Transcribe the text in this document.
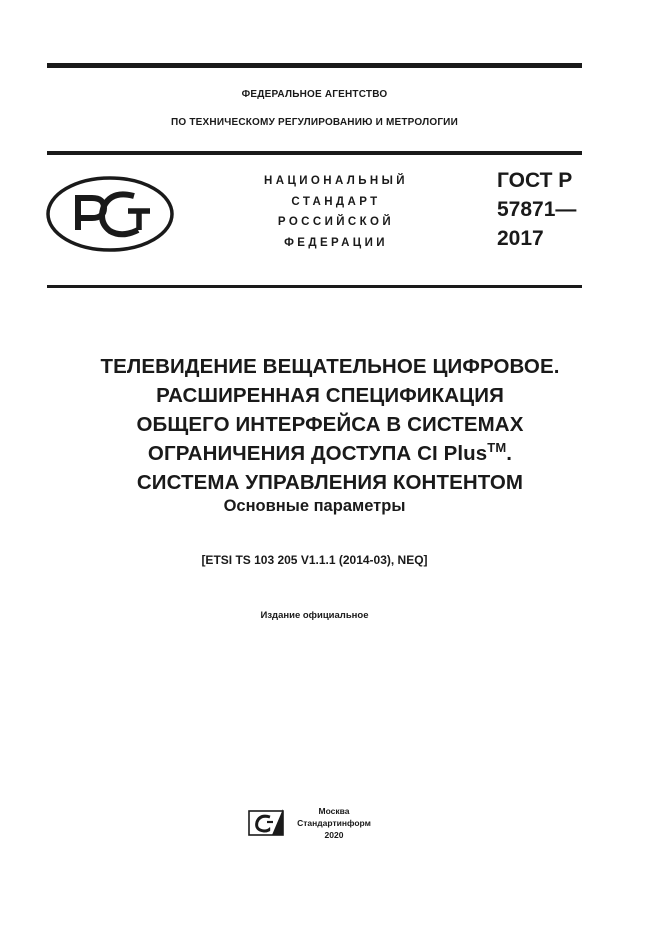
ФЕДЕРАЛЬНОЕ АГЕНТСТВО
ПО ТЕХНИЧЕСКОМУ РЕГУЛИРОВАНИЮ И МЕТРОЛОГИИ
НАЦИОНАЛЬНЫЙ
СТАНДАРТ
РОССИЙСКОЙ
ФЕДЕРАЦИИ
ГОСТ Р
57871—
2017
ТЕЛЕВИДЕНИЕ ВЕЩАТЕЛЬНОЕ ЦИФРОВОЕ.
РАСШИРЕННАЯ СПЕЦИФИКАЦИЯ
ОБЩЕГО ИНТЕРФЕЙСА В СИСТЕМАХ
ОГРАНИЧЕНИЯ ДОСТУПА CI Plus™.
СИСТЕМА УПРАВЛЕНИЯ КОНТЕНТОМ
Основные параметры
[ETSI TS 103 205 V1.1.1 (2014-03), NEQ]
Издание официальное
Москва
Стандартинформ
2020
